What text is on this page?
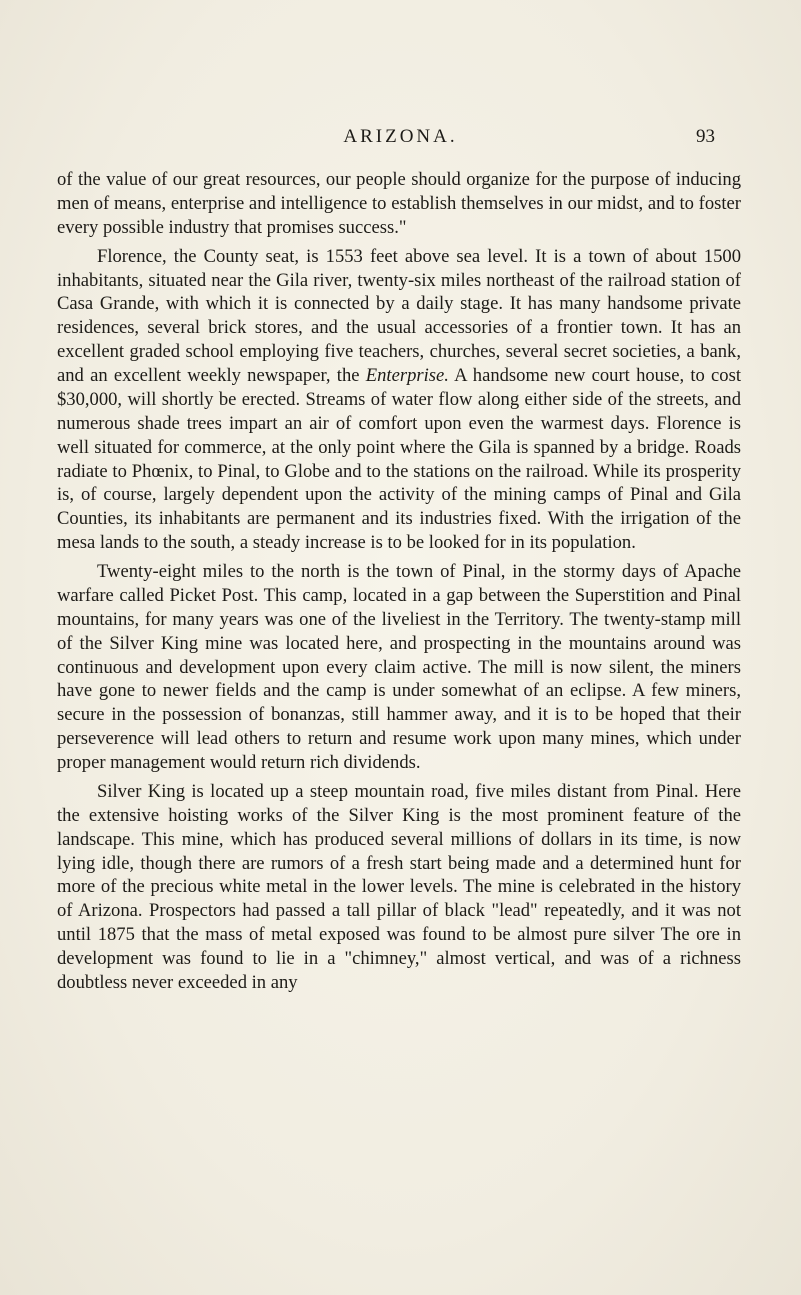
ARIZONA.	93

of the value of our great resources, our people should organize for the purpose of inducing men of means, enterprise and intelligence to establish themselves in our midst, and to foster every possible industry that promises success."

Florence, the County seat, is 1553 feet above sea level. It is a town of about 1500 inhabitants, situated near the Gila river, twenty-six miles northeast of the railroad station of Casa Grande, with which it is connected by a daily stage. It has many handsome private residences, several brick stores, and the usual accessories of a frontier town. It has an excellent graded school employing five teachers, churches, several secret societies, a bank, and an excellent weekly newspaper, the Enterprise. A handsome new court house, to cost $30,000, will shortly be erected. Streams of water flow along either side of the streets, and numerous shade trees impart an air of comfort upon even the warmest days. Florence is well situated for commerce, at the only point where the Gila is spanned by a bridge. Roads radiate to Phœnix, to Pinal, to Globe and to the stations on the railroad. While its prosperity is, of course, largely dependent upon the activity of the mining camps of Pinal and Gila Counties, its inhabitants are permanent and its industries fixed. With the irrigation of the mesa lands to the south, a steady increase is to be looked for in its population.

Twenty-eight miles to the north is the town of Pinal, in the stormy days of Apache warfare called Picket Post. This camp, located in a gap between the Superstition and Pinal mountains, for many years was one of the liveliest in the Territory. The twenty-stamp mill of the Silver King mine was located here, and prospecting in the mountains around was continuous and development upon every claim active. The mill is now silent, the miners have gone to newer fields and the camp is under somewhat of an eclipse. A few miners, secure in the possession of bonanzas, still hammer away, and it is to be hoped that their perseverence will lead others to return and resume work upon many mines, which under proper management would return rich dividends.

Silver King is located up a steep mountain road, five miles distant from Pinal. Here the extensive hoisting works of the Silver King is the most prominent feature of the landscape. This mine, which has produced several millions of dollars in its time, is now lying idle, though there are rumors of a fresh start being made and a determined hunt for more of the precious white metal in the lower levels. The mine is celebrated in the history of Arizona. Prospectors had passed a tall pillar of black "lead" repeatedly, and it was not until 1875 that the mass of metal exposed was found to be almost pure silver The ore in development was found to lie in a "chimney," almost vertical, and was of a richness doubtless never exceeded in any
